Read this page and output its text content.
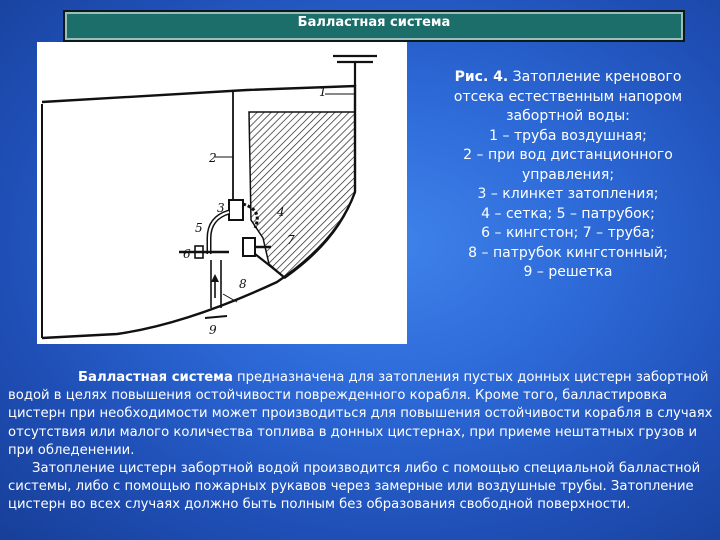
Балластная система
1
2
3	4
5
6
7
8
9
Рис. 4. Затопление кренового
отсека естественным напором
забортной воды:
1 – труба воздушная;
2 – при вод дистанционного
управления;
3 – клинкет затопления;
4 – сетка; 5 – патрубок;
6 – кингстон; 7 – труба;
8 – патрубок кингстонный;
9 – решетка

Балластная система предназначена для затопления пустых донных цистерн забортной водой в целях повышения остойчивости поврежденного корабля. Кроме того, балластировка цистерн при необходимости может производиться для повышения остойчивости корабля в случаях отсутствия или малого количества топлива в донных цистернах, при приеме нештатных грузов и при обледенении.

Затопление цистерн забортной водой производится либо с помощью специальной балластной системы, либо с помощью пожарных рукавов через замерные или воздушные трубы. Затопление цистерн во всех случаях должно быть полным без образования свободной поверхности.
